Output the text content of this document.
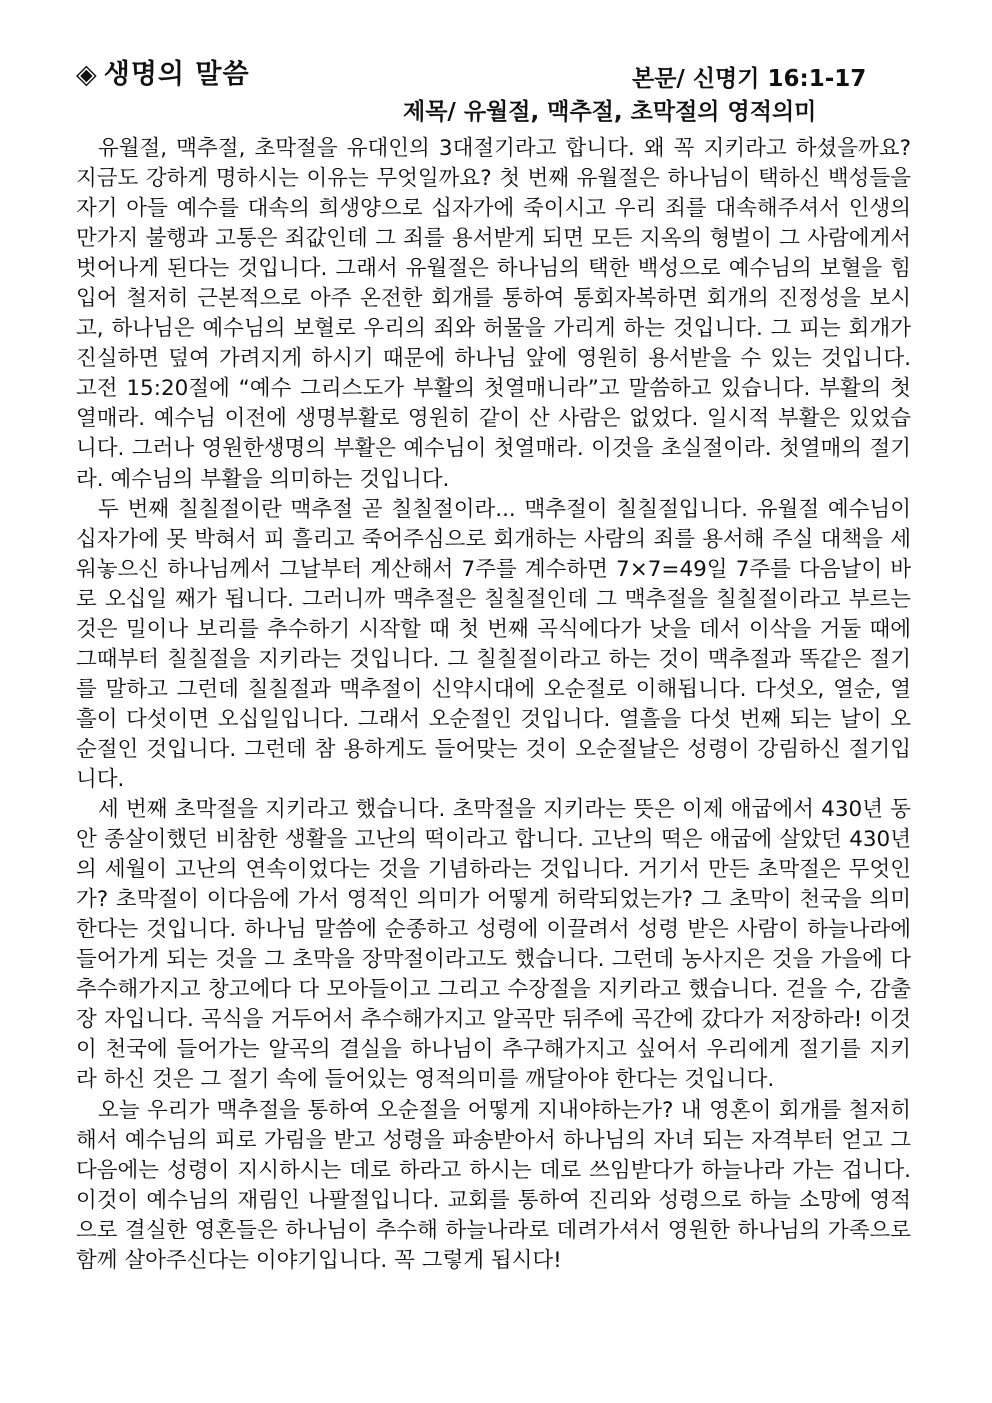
◈ 생명의 말씀	본문/ 신명기 16:1-17
제목/ 유월절, 맥추절, 초막절의 영적의미

유월절, 맥추절, 초막절을 유대인의 3대절기라고 합니다. 왜 꼭 지키라고 하셨을까요? 지금도 강하게 명하시는 이유는 무엇일까요? 첫 번째 유월절은 하나님이 택하신 백성들을 자기 아들 예수를 대속의 희생양으로 십자가에 죽이시고 우리 죄를 대속해주셔서 인생의 만가지 불행과 고통은 죄값인데 그 죄를 용서받게 되면 모든 지옥의 형벌이 그 사람에게서 벗어나게 된다는 것입니다. 그래서 유월절은 하나님의 택한 백성으로 예수님의 보혈을 힘입어 철저히 근본적으로 아주 온전한 회개를 통하여 통회자복하면 회개의 진정성을 보시고, 하나님은 예수님의 보혈로 우리의 죄와 허물을 가리게 하는 것입니다. 그 피는 회개가 진실하면 덮여 가려지게 하시기 때문에 하나님 앞에 영원히 용서받을 수 있는 것입니다. 고전 15:20절에 “예수 그리스도가 부활의 첫열매니라”고 말씀하고 있습니다. 부활의 첫 열매라. 예수님 이전에 생명부활로 영원히 같이 산 사람은 없었다. 일시적 부활은 있었습니다. 그러나 영원한생명의 부활은 예수님이 첫열매라. 이것을 초실절이라. 첫열매의 절기라. 예수님의 부활을 의미하는 것입니다.

두 번째 칠칠절이란 맥추절 곧 칠칠절이라... 맥추절이 칠칠절입니다. 유월절 예수님이 십자가에 못 박혀서 피 흘리고 죽어주심으로 회개하는 사람의 죄를 용서해 주실 대책을 세워놓으신 하나님께서 그날부터 계산해서 7주를 계수하면 7×7=49일 7주를 다음날이 바로 오십일 째가 됩니다. 그러니까 맥추절은 칠칠절인데 그 맥추절을 칠칠절이라고 부르는 것은 밀이나 보리를 추수하기 시작할 때 첫 번째 곡식에다가 낫을 데서 이삭을 거둘 때에 그때부터 칠칠절을 지키라는 것입니다. 그 칠칠절이라고 하는 것이 맥추절과 똑같은 절기를 말하고 그런데 칠칠절과 맥추절이 신약시대에 오순절로 이해됩니다. 다섯오, 열순, 열흘이 다섯이면 오십일입니다. 그래서 오순절인 것입니다. 열흘을 다섯 번째 되는 날이 오순절인 것입니다. 그런데 참 용하게도 들어맞는 것이 오순절날은 성령이 강림하신 절기입니다.

세 번째 초막절을 지키라고 했습니다. 초막절을 지키라는 뜻은 이제 애굽에서 430년 동안 종살이했던 비참한 생활을 고난의 떡이라고 합니다. 고난의 떡은 애굽에 살았던 430년의 세월이 고난의 연속이었다는 것을 기념하라는 것입니다. 거기서 만든 초막절은 무엇인가? 초막절이 이다음에 가서 영적인 의미가 어떻게 허락되었는가? 그 초막이 천국을 의미한다는 것입니다. 하나님 말씀에 순종하고 성령에 이끌려서 성령 받은 사람이 하늘나라에 들어가게 되는 것을 그 초막을 장막절이라고도 했습니다. 그런데 농사지은 것을 가을에 다 추수해가지고 창고에다 다 모아들이고 그리고 수장절을 지키라고 했습니다. 걷을 수, 감출 장 자입니다. 곡식을 거두어서 추수해가지고 알곡만 뒤주에 곡간에 갔다가 저장하라! 이것이 천국에 들어가는 알곡의 결실을 하나님이 추구해가지고 싶어서 우리에게 절기를 지키라 하신 것은 그 절기 속에 들어있는 영적의미를 깨달아야 한다는 것입니다.

오늘 우리가 맥추절을 통하여 오순절을 어떻게 지내야하는가? 내 영혼이 회개를 철저히 해서 예수님의 피로 가림을 받고 성령을 파송받아서 하나님의 자녀 되는 자격부터 얻고 그 다음에는 성령이 지시하시는 데로 하라고 하시는 데로 쓰임받다가 하늘나라 가는 겁니다. 이것이 예수님의 재림인 나팔절입니다. 교회를 통하여 진리와 성령으로 하늘 소망에 영적으로 결실한 영혼들은 하나님이 추수해 하늘나라로 데려가셔서 영원한 하나님의 가족으로 함께 살아주신다는 이야기입니다. 꼭 그렇게 됩시다!
